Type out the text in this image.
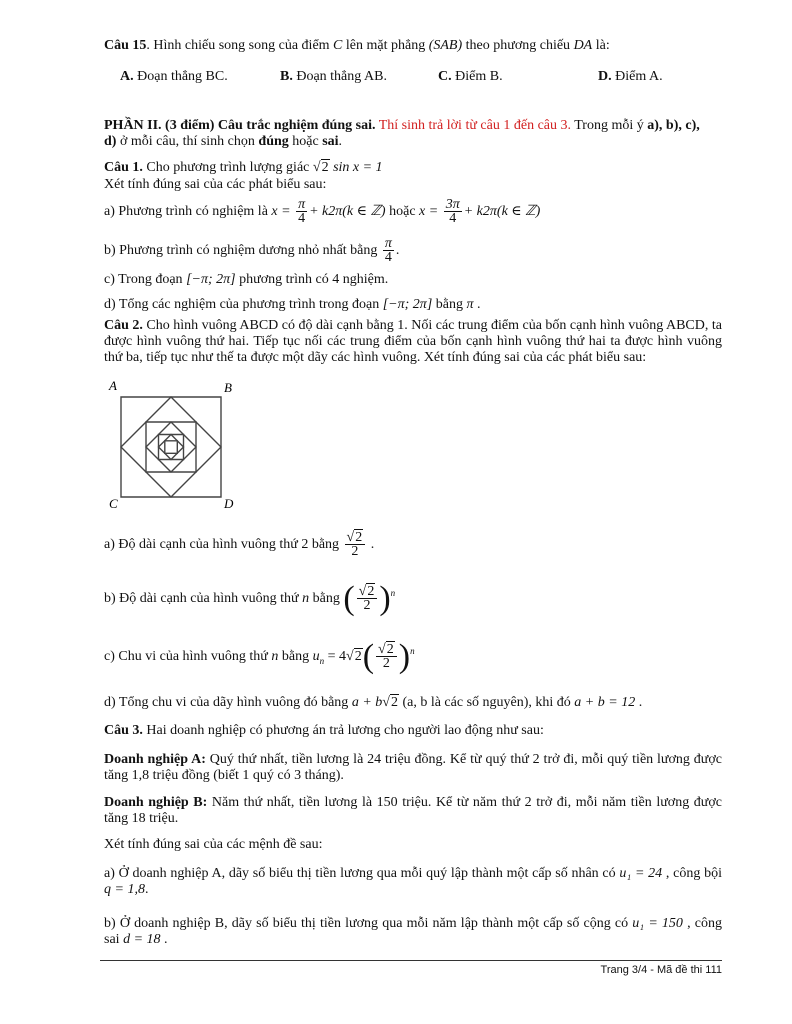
Câu 15. Hình chiếu song song của điểm C lên mặt phẳng (SAB) theo phương chiếu DA là:
A. Đoạn thẳng BC.	B. Đoạn thẳng AB.	C. Điểm B.	D. Điểm A.
PHẦN II. (3 điểm) Câu trắc nghiệm đúng sai. Thí sinh trả lời từ câu 1 đến câu 3. Trong mỗi ý a), b), c),
d) ở mỗi câu, thí sinh chọn đúng hoặc sai.
Câu 1. Cho phương trình lượng giác √2 sin x = 1
Xét tính đúng sai của các phát biểu sau:
a) Phương trình có nghiệm là $x = \frac{\pi}{4} + k2\pi(k$ ∈ ℤ) hoặc $x = \frac{3\pi}{4} + k2\pi(k$ ∈ ℤ)
b) Phương trình có nghiệm dương nhỏ nhất bằng $\frac{\pi}{4}$ .
c) Trong đoạn [−π; 2π] phương trình có 4 nghiệm.
d) Tổng các nghiệm của phương trình trong đoạn [−π; 2π] bằng π .
Câu 2. Cho hình vuông ABCD có độ dài cạnh bằng 1. Nối các trung điểm của bốn cạnh hình vuông ABCD, ta được hình vuông thứ hai. Tiếp tục nối các trung điểm của bốn cạnh hình vuông thứ hai ta được hình vuông thứ ba, tiếp tục như thế ta được một dãy các hình vuông. Xét tính đúng sai của các phát biểu sau:
A	B
C	D
a) Độ dài cạnh của hình vuông thứ 2 bằng $\frac{√2}{2}$ .
b) Độ dài cạnh của hình vuông thứ n bằng ( $\frac{√2}{2} )^n$
c) Chu vi của hình vuông thứ n bằng $u_n = 4√2( \frac{√2}{2} )^n$
d) Tổng chu vi của dãy hình vuông đó bằng a + b√2 (a, b là các số nguyên), khi đó a + b = 12 .
Câu 3. Hai doanh nghiệp có phương án trả lương cho người lao động như sau:
Doanh nghiệp A: Quý thứ nhất, tiền lương là 24 triệu đồng. Kể từ quý thứ 2 trở đi, mỗi quý tiền lương được tăng 1,8 triệu đồng (biết 1 quý có 3 tháng).
Doanh nghiệp B: Năm thứ nhất, tiền lương là 150 triệu. Kể từ năm thứ 2 trở đi, mỗi năm tiền lương được tăng 18 triệu.
Xét tính đúng sai của các mệnh đề sau:
a) Ở doanh nghiệp A, dãy số biểu thị tiền lương qua mỗi quý lập thành một cấp số nhân có u₁ = 24 , công bội q = 1,8.
b) Ở doanh nghiệp B, dãy số biểu thị tiền lương qua mỗi năm lập thành một cấp số cộng có u₁ = 150 , công sai d = 18 .
Trang 3/4 - Mã đề thi 111
